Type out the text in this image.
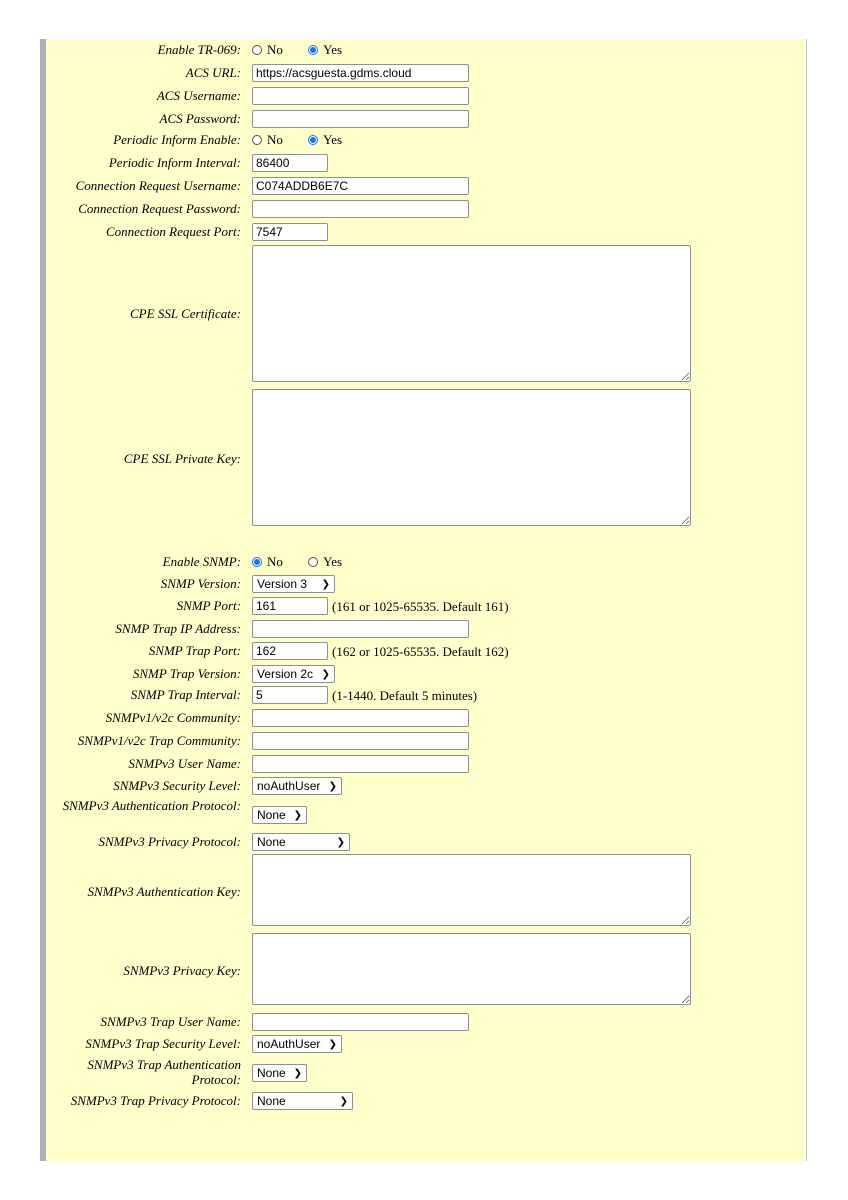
Enable TR-069: No
	Yes
ACS URL:
https://acsguesta.gdms.cloud
ACS Username:
ACS Password:
Periodic Inform Enable: No
	Yes
Periodic Inform Interval:
86400
Connection Request Username:
C074ADDB6E7C
Connection Request Password:
Connection Request Port:
7547
CPE SSL Certificate:
CPE SSL Private Key:
Enable SNMP: No
	Yes
SNMP Version: Version 3 ❯
SNMP Port:
161	(161 or 1025-65535. Default 161)
SNMP Trap IP Address:
SNMP Trap Port:
162	(162 or 1025-65535. Default 162)
SNMP Trap Version: Version 2c ❯
SNMP Trap Interval:
5	(1-1440. Default 5 minutes)
SNMPv1/v2c Community:
SNMPv1/v2c Trap Community:
SNMPv3 User Name:
SNMPv3 Security Level: noAuthUser ❯
SNMPv3 Authentication Protocol:
None ❯
SNMPv3 Privacy Protocol: None	❯
SNMPv3 Authentication Key:
SNMPv3 Privacy Key:
SNMPv3 Trap User Name:
SNMPv3 Trap Security Level: noAuthUser ❯
SNMPv3 Trap Authentication Protocol: None ❯
SNMPv3 Trap Privacy Protocol: None	❯
